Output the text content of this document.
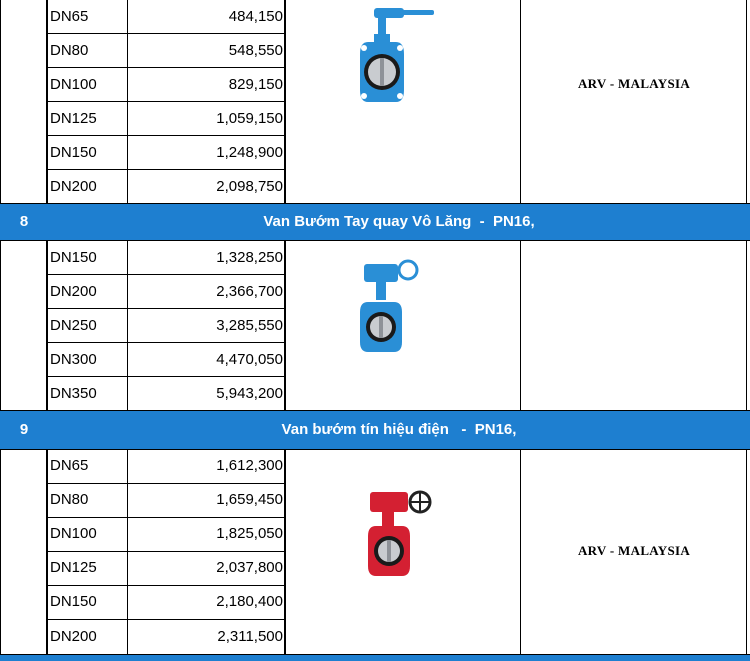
DN65	484,150
DN80	548,550
DN100	829,150
DN125	1,059,150
DN150	1,248,900
DN200	2,098,750
ARV - MALAYSIA
8	Van Bướm Tay quay Vô Lăng  -  PN16,
DN150	1,328,250
DN200	2,366,700
DN250	3,285,550
DN300	4,470,050
DN350	5,943,200
9	Van bướm tín hiệu điện   -  PN16,
DN65	1,612,300
DN80	1,659,450
DN100	1,825,050
DN125	2,037,800
DN150	2,180,400
DN200	2,311,500
ARV - MALAYSIA
